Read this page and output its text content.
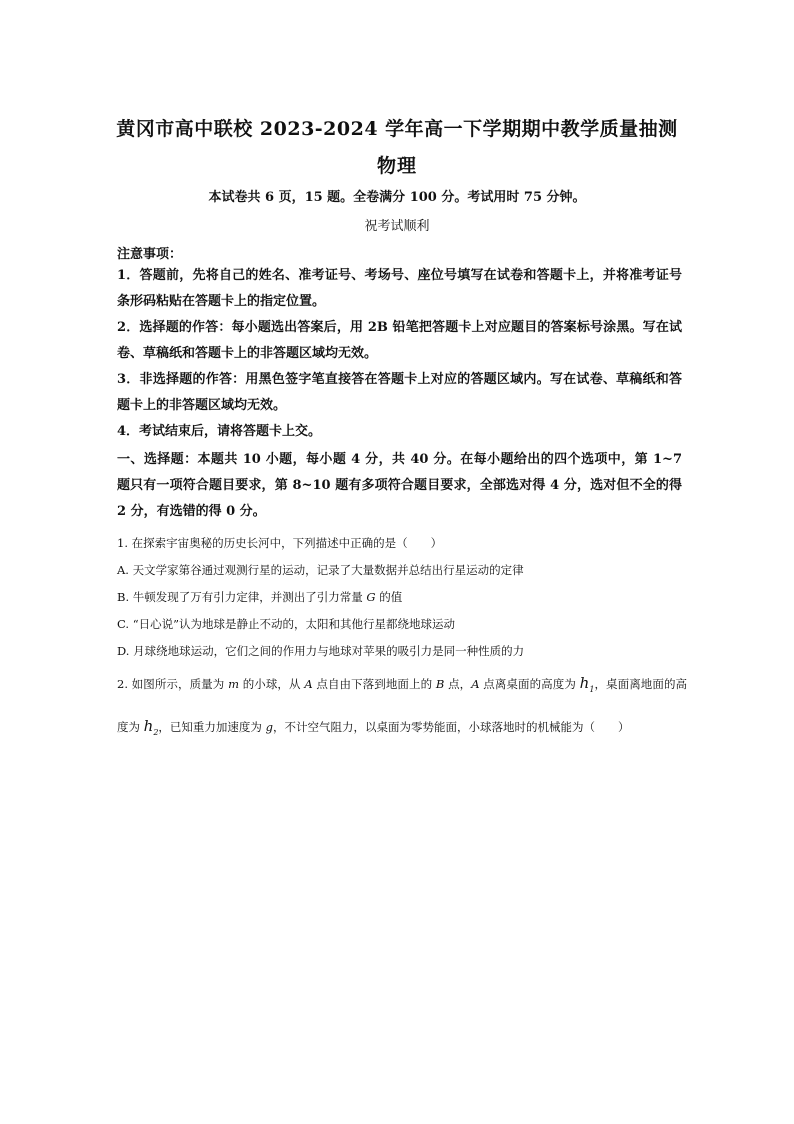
黄冈市高中联校 2023-2024 学年高一下学期期中教学质量抽测
物理
本试卷共 6 页，15 题。全卷满分 100 分。考试用时 75 分钟。
祝考试顺利
注意事项：
1．答题前，先将自己的姓名、准考证号、考场号、座位号填写在试卷和答题卡上，并将准考证号条形码粘贴在答题卡上的指定位置。
2．选择题的作答：每小题选出答案后，用 2B 铅笔把答题卡上对应题目的答案标号涂黑。写在试卷、草稿纸和答题卡上的非答题区域均无效。
3．非选择题的作答：用黑色签字笔直接答在答题卡上对应的答题区域内。写在试卷、草稿纸和答题卡上的非答题区域均无效。
4．考试结束后，请将答题卡上交。
一、选择题：本题共 10 小题，每小题 4 分，共 40 分。在每小题给出的四个选项中，第 1~7 题只有一项符合题目要求，第 8~10 题有多项符合题目要求，全部选对得 4 分，选对但不全的得 2 分，有选错的得 0 分。
1. 在探索宇宙奥秘的历史长河中，下列描述中正确的是（　　）
A. 天文学家第谷通过观测行星的运动，记录了大量数据并总结出行星运动的定律
B. 牛顿发现了万有引力定律，并测出了引力常量 G 的值
C. “日心说”认为地球是静止不动的，太阳和其他行星都绕地球运动
D. 月球绕地球运动，它们之间的作用力与地球对苹果的吸引力是同一种性质的力
2. 如图所示，质量为 m 的小球，从 A 点自由下落到地面上的 B 点，A 点离桌面的高度为 $h_1$，桌面离地面的高度为 $h_2$，已知重力加速度为 g，不计空气阻力，以桌面为零势能面，小球落地时的机械能为（　　）
